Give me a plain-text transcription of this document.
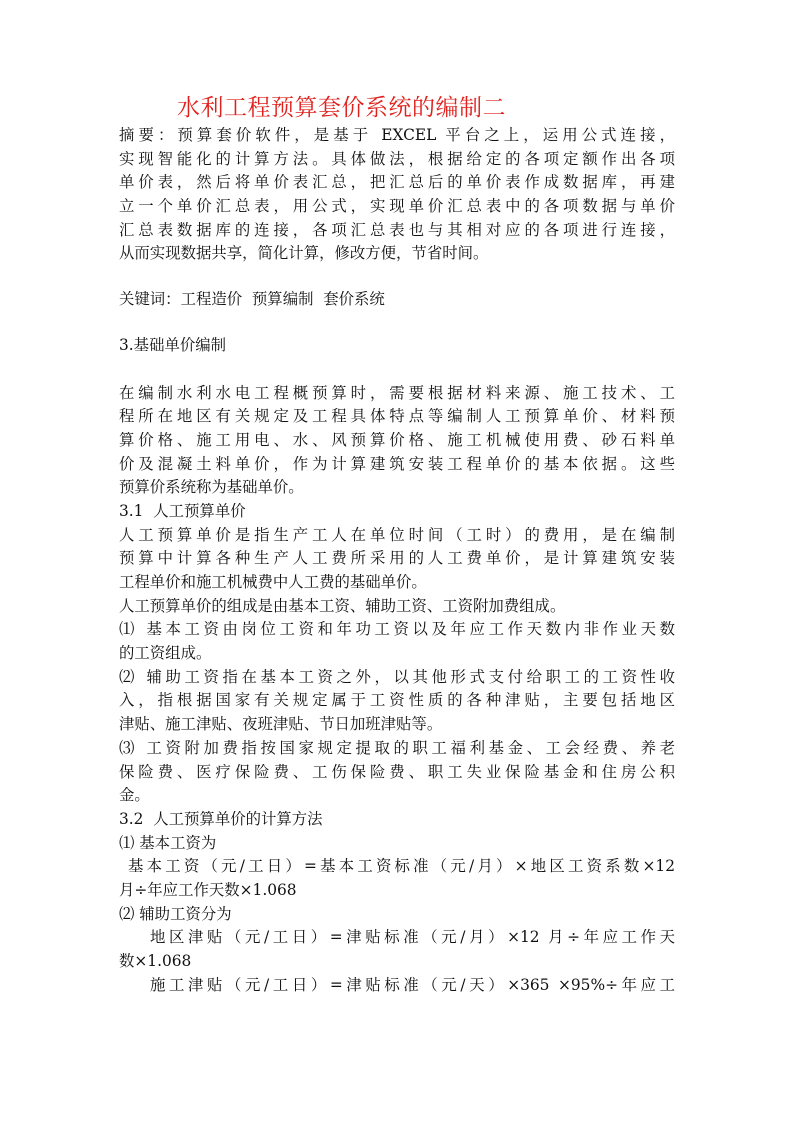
水利工程预算套价系统的编制二
摘要：预算套价软件，是基于 EXCEL 平台之上，运用公式连接，
实现智能化的计算方法。具体做法，根据给定的各项定额作出各项
单价表，然后将单价表汇总，把汇总后的单价表作成数据库，再建
立一个单价汇总表，用公式，实现单价汇总表中的各项数据与单价
汇总表数据库的连接，各项汇总表也与其相对应的各项进行连接，
从而实现数据共享，简化计算，修改方便，节省时间。
关键词：工程造价  预算编制  套价系统
3.基础单价编制
在编制水利水电工程概预算时，需要根据材料来源、施工技术、工
程所在地区有关规定及工程具体特点等编制人工预算单价、材料预
算价格、施工用电、水、风预算价格、施工机械使用费、砂石料单
价及混凝土料单价，作为计算建筑安装工程单价的基本依据。这些
预算价系统称为基础单价。
3.1  人工预算单价
人工预算单价是指生产工人在单位时间（工时）的费用，是在编制
预算中计算各种生产人工费所采用的人工费单价，是计算建筑安装
工程单价和施工机械费中人工费的基础单价。
人工预算单价的组成是由基本工资、辅助工资、工资附加费组成。
⑴ 基本工资由岗位工资和年功工资以及年应工作天数内非作业天数
的工资组成。
⑵ 辅助工资指在基本工资之外，以其他形式支付给职工的工资性收
入，指根据国家有关规定属于工资性质的各种津贴，主要包括地区
津贴、施工津贴、夜班津贴、节日加班津贴等。
⑶ 工资附加费指按国家规定提取的职工福利基金、工会经费、养老
保险费、医疗保险费、工伤保险费、职工失业保险基金和住房公积
金。
3.2  人工预算单价的计算方法
⑴ 基本工资为
基本工资（元/工日）=基本工资标准（元/月）×地区工资系数×12
月÷年应工作天数×1.068
⑵ 辅助工资分为
地区津贴（元/工日）=津贴标准（元/月）×12 月÷年应工作天
数×1.068
施工津贴（元/工日）=津贴标准（元/天）×365 ×95%÷年应工
